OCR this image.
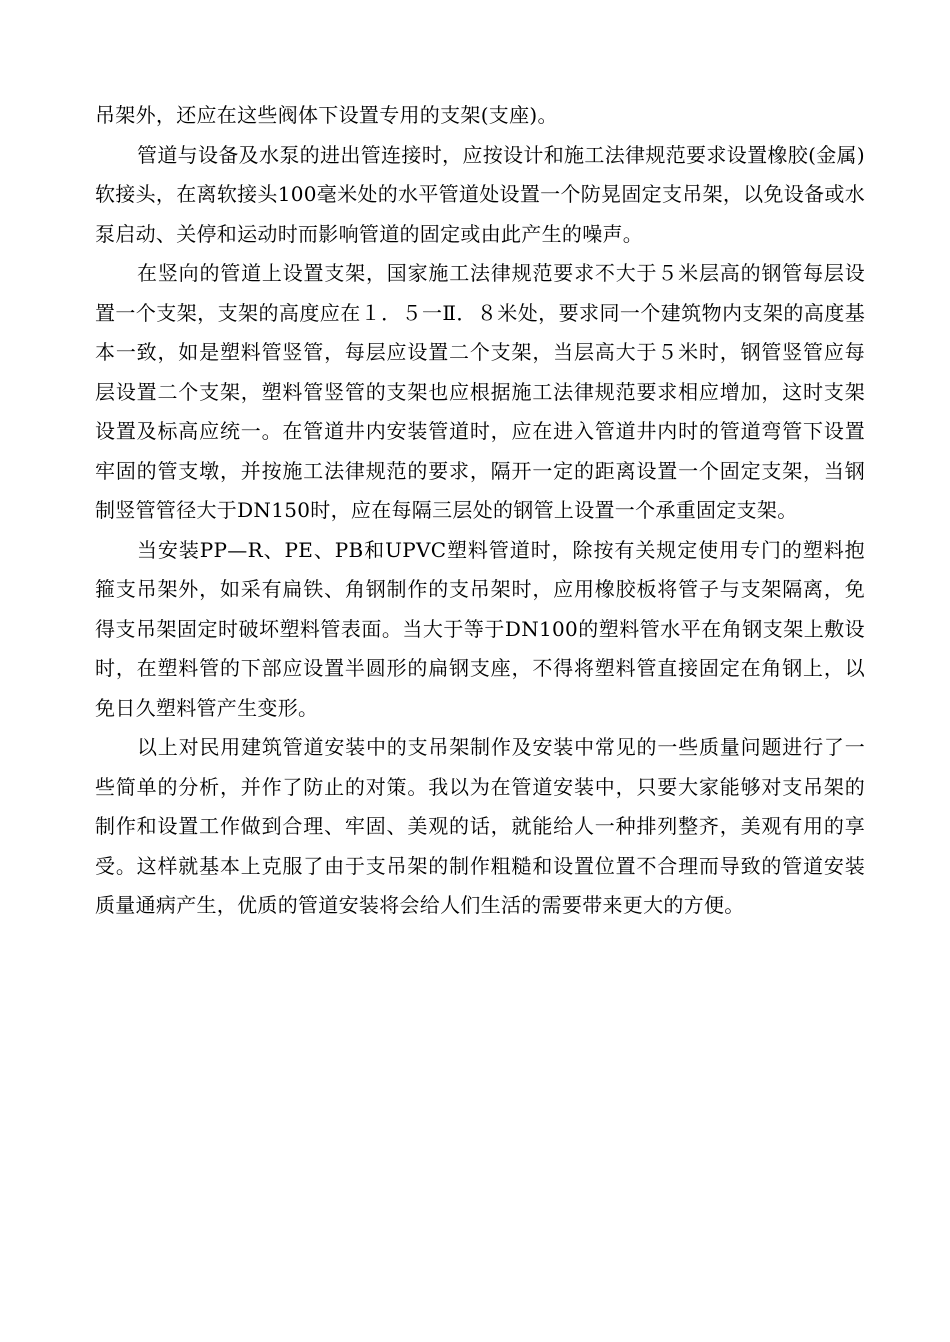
吊架外，还应在这些阀体下设置专用的支架(支座)。

管道与设备及水泵的进出管连接时，应按设计和施工法律规范要求设置橡胶(金属)软接头，在离软接头100毫米处的水平管道处设置一个防晃固定支吊架，以免设备或水泵启动、关停和运动时而影响管道的固定或由此产生的噪声。

在竖向的管道上设置支架，国家施工法律规范要求不大于５米层高的钢管每层设置一个支架，支架的高度应在１．５一Ⅱ．８米处，要求同一个建筑物内支架的高度基本一致，如是塑料管竖管，每层应设置二个支架，当层高大于５米时，钢管竖管应每层设置二个支架，塑料管竖管的支架也应根据施工法律规范要求相应增加，这时支架设置及标高应统一。在管道井内安装管道时，应在进入管道井内时的管道弯管下设置牢固的管支墩，并按施工法律规范的要求，隔开一定的距离设置一个固定支架，当钢制竖管管径大于DN150时，应在每隔三层处的钢管上设置一个承重固定支架。

当安装PP—R、PE、PB和UPVC塑料管道时，除按有关规定使用专门的塑料抱箍支吊架外，如采有扁铁、角钢制作的支吊架时，应用橡胶板将管子与支架隔离，免得支吊架固定时破坏塑料管表面。当大于等于DN100的塑料管水平在角钢支架上敷设时，在塑料管的下部应设置半圆形的扁钢支座，不得将塑料管直接固定在角钢上，以免日久塑料管产生变形。

以上对民用建筑管道安装中的支吊架制作及安装中常见的一些质量问题进行了一些简单的分析，并作了防止的对策。我以为在管道安装中，只要大家能够对支吊架的制作和设置工作做到合理、牢固、美观的话，就能给人一种排列整齐，美观有用的享受。这样就基本上克服了由于支吊架的制作粗糙和设置位置不合理而导致的管道安装质量通病产生，优质的管道安装将会给人们生活的需要带来更大的方便。
